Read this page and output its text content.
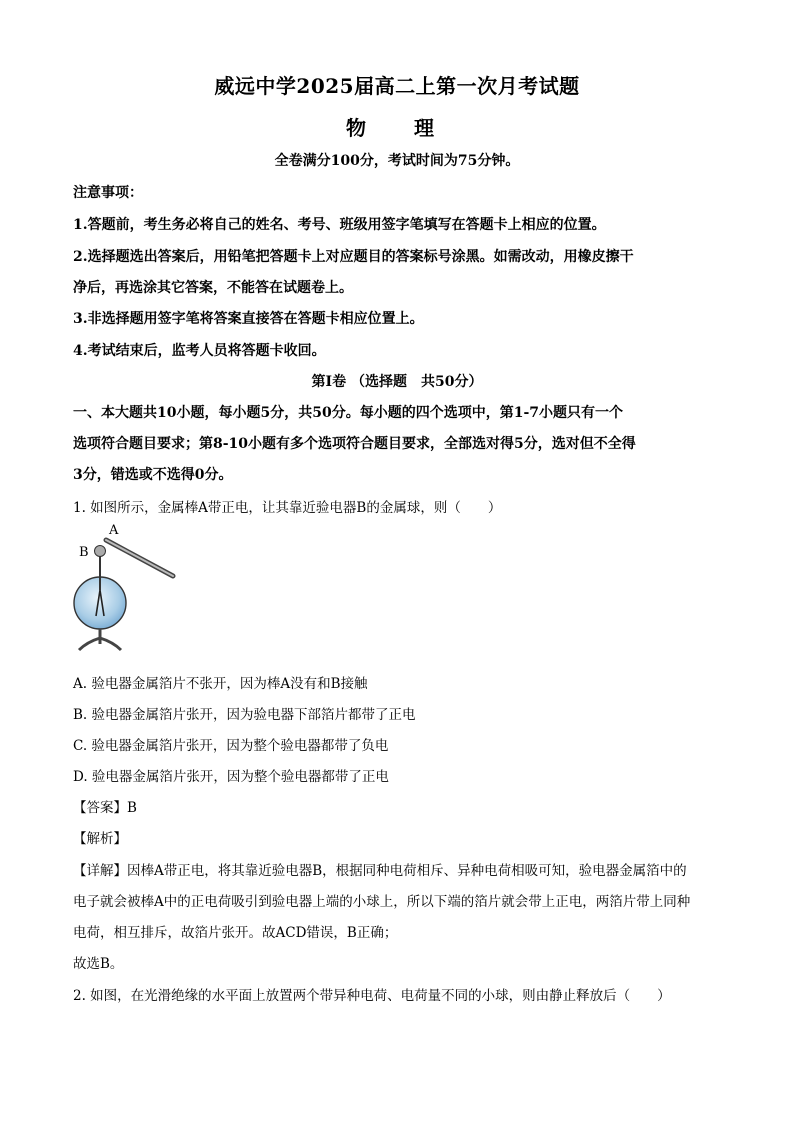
威远中学2025届高二上第一次月考试题
物　理
全卷满分100分，考试时间为75分钟。
注意事项：
1.答题前，考生务必将自己的姓名、考号、班级用签字笔填写在答题卡上相应的位置。
2.选择题选出答案后，用铅笔把答题卡上对应题目的答案标号涂黑。如需改动，用橡皮擦干
净后，再选涂其它答案，不能答在试题卷上。
3.非选择题用签字笔将答案直接答在答题卡相应位置上。
4.考试结束后，监考人员将答题卡收回。
第Ⅰ卷 （选择题　共50分）
一、本大题共10小题，每小题5分，共50分。每小题的四个选项中，第1-7小题只有一个
选项符合题目要求；第8-10小题有多个选项符合题目要求，全部选对得5分，选对但不全得
3分，错选或不选得0分。
1. 如图所示，金属棒A带正电，让其靠近验电器B的金属球，则（　　）
A
B
A. 验电器金属箔片不张开，因为棒A没有和B接触
B. 验电器金属箔片张开，因为验电器下部箔片都带了正电
C. 验电器金属箔片张开，因为整个验电器都带了负电
D. 验电器金属箔片张开，因为整个验电器都带了正电
【答案】B
【解析】
【详解】因棒A带正电，将其靠近验电器B，根据同种电荷相斥、异种电荷相吸可知，验电器金属箔中的
电子就会被棒A中的正电荷吸引到验电器上端的小球上，所以下端的箔片就会带上正电，两箔片带上同种
电荷，相互排斥，故箔片张开。故ACD错误，B正确；
故选B。
2. 如图，在光滑绝缘的水平面上放置两个带异种电荷、电荷量不同的小球，则由静止释放后（　　）
